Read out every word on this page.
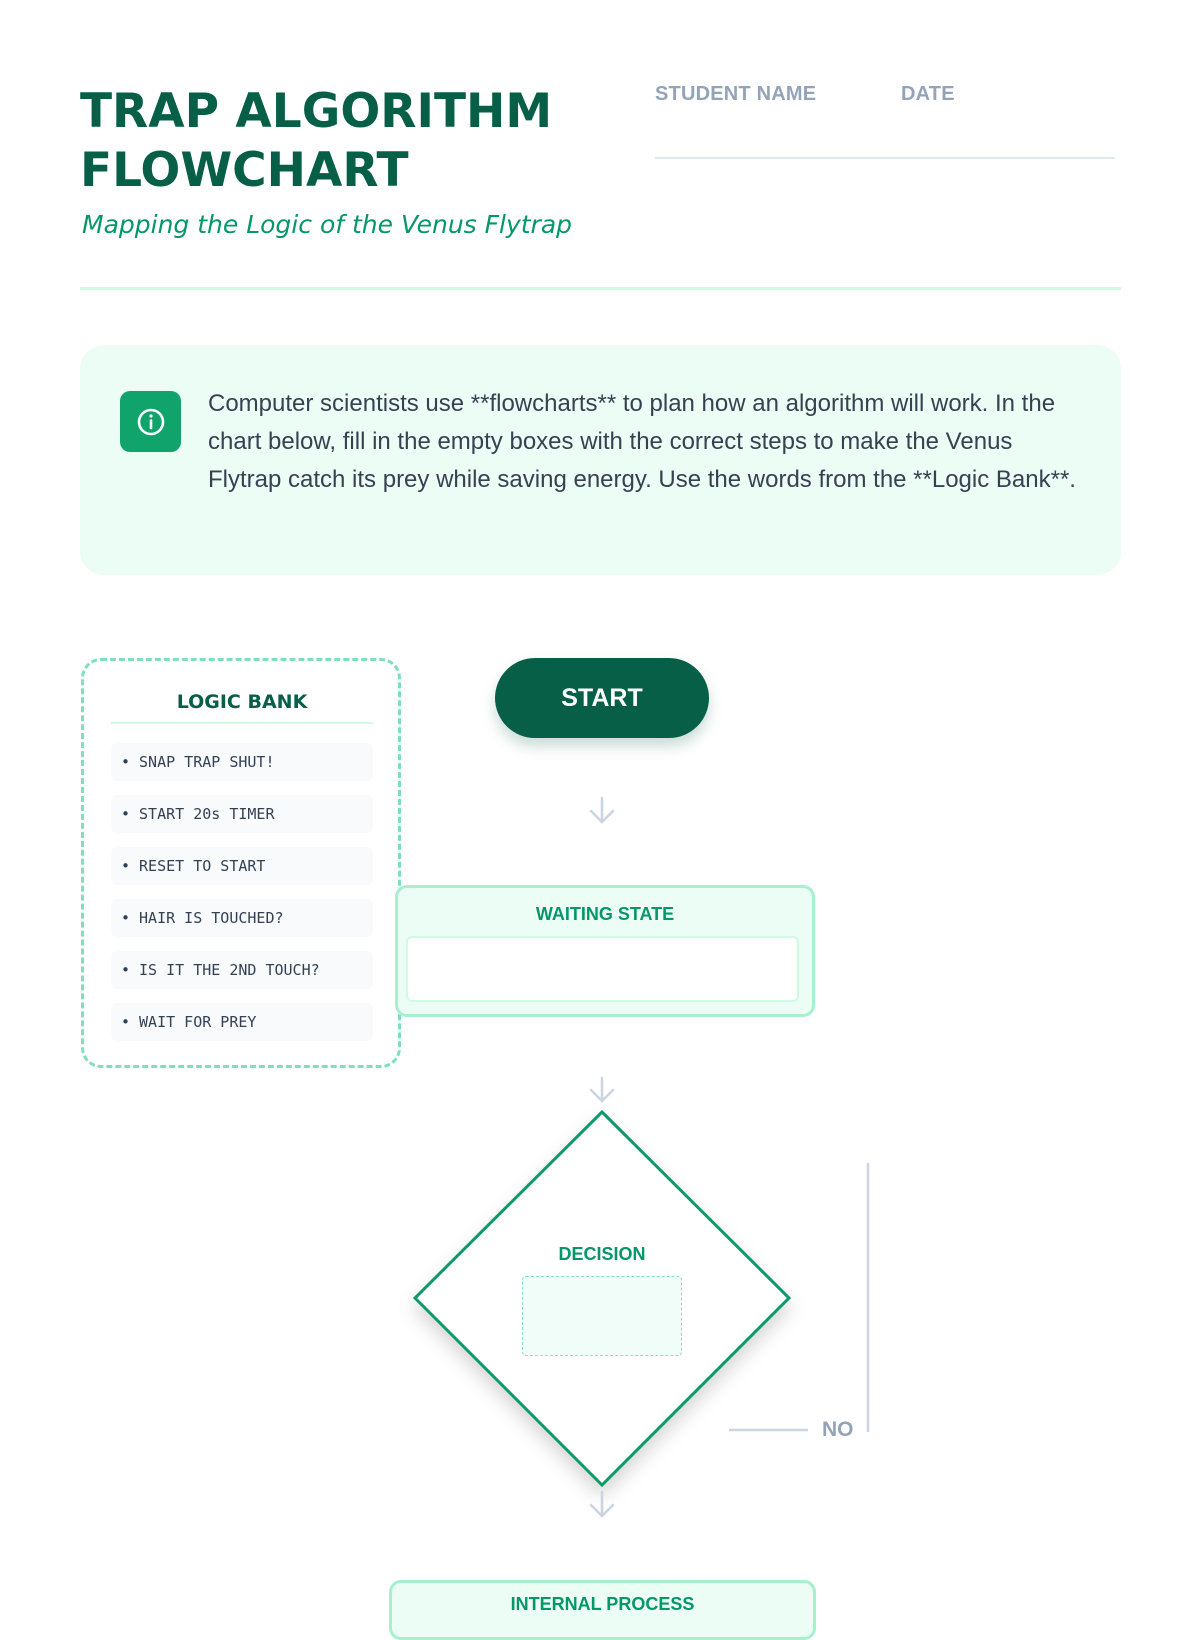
TRAP ALGORITHM FLOWCHART
Mapping the Logic of the Venus Flytrap
STUDENT NAME	DATE

Computer scientists use **flowcharts** to plan how an algorithm will work. In the chart below, fill in the empty boxes with the correct steps to make the Venus Flytrap catch its prey while saving energy. Use the words from the **Logic Bank**.

LOGIC BANK
• SNAP TRAP SHUT!
• START 20s TIMER
• RESET TO START
• HAIR IS TOUCHED?
• IS IT THE 2ND TOUCH?
• WAIT FOR PREY
START
WAITING STATE
DECISION
NO
INTERNAL PROCESS
